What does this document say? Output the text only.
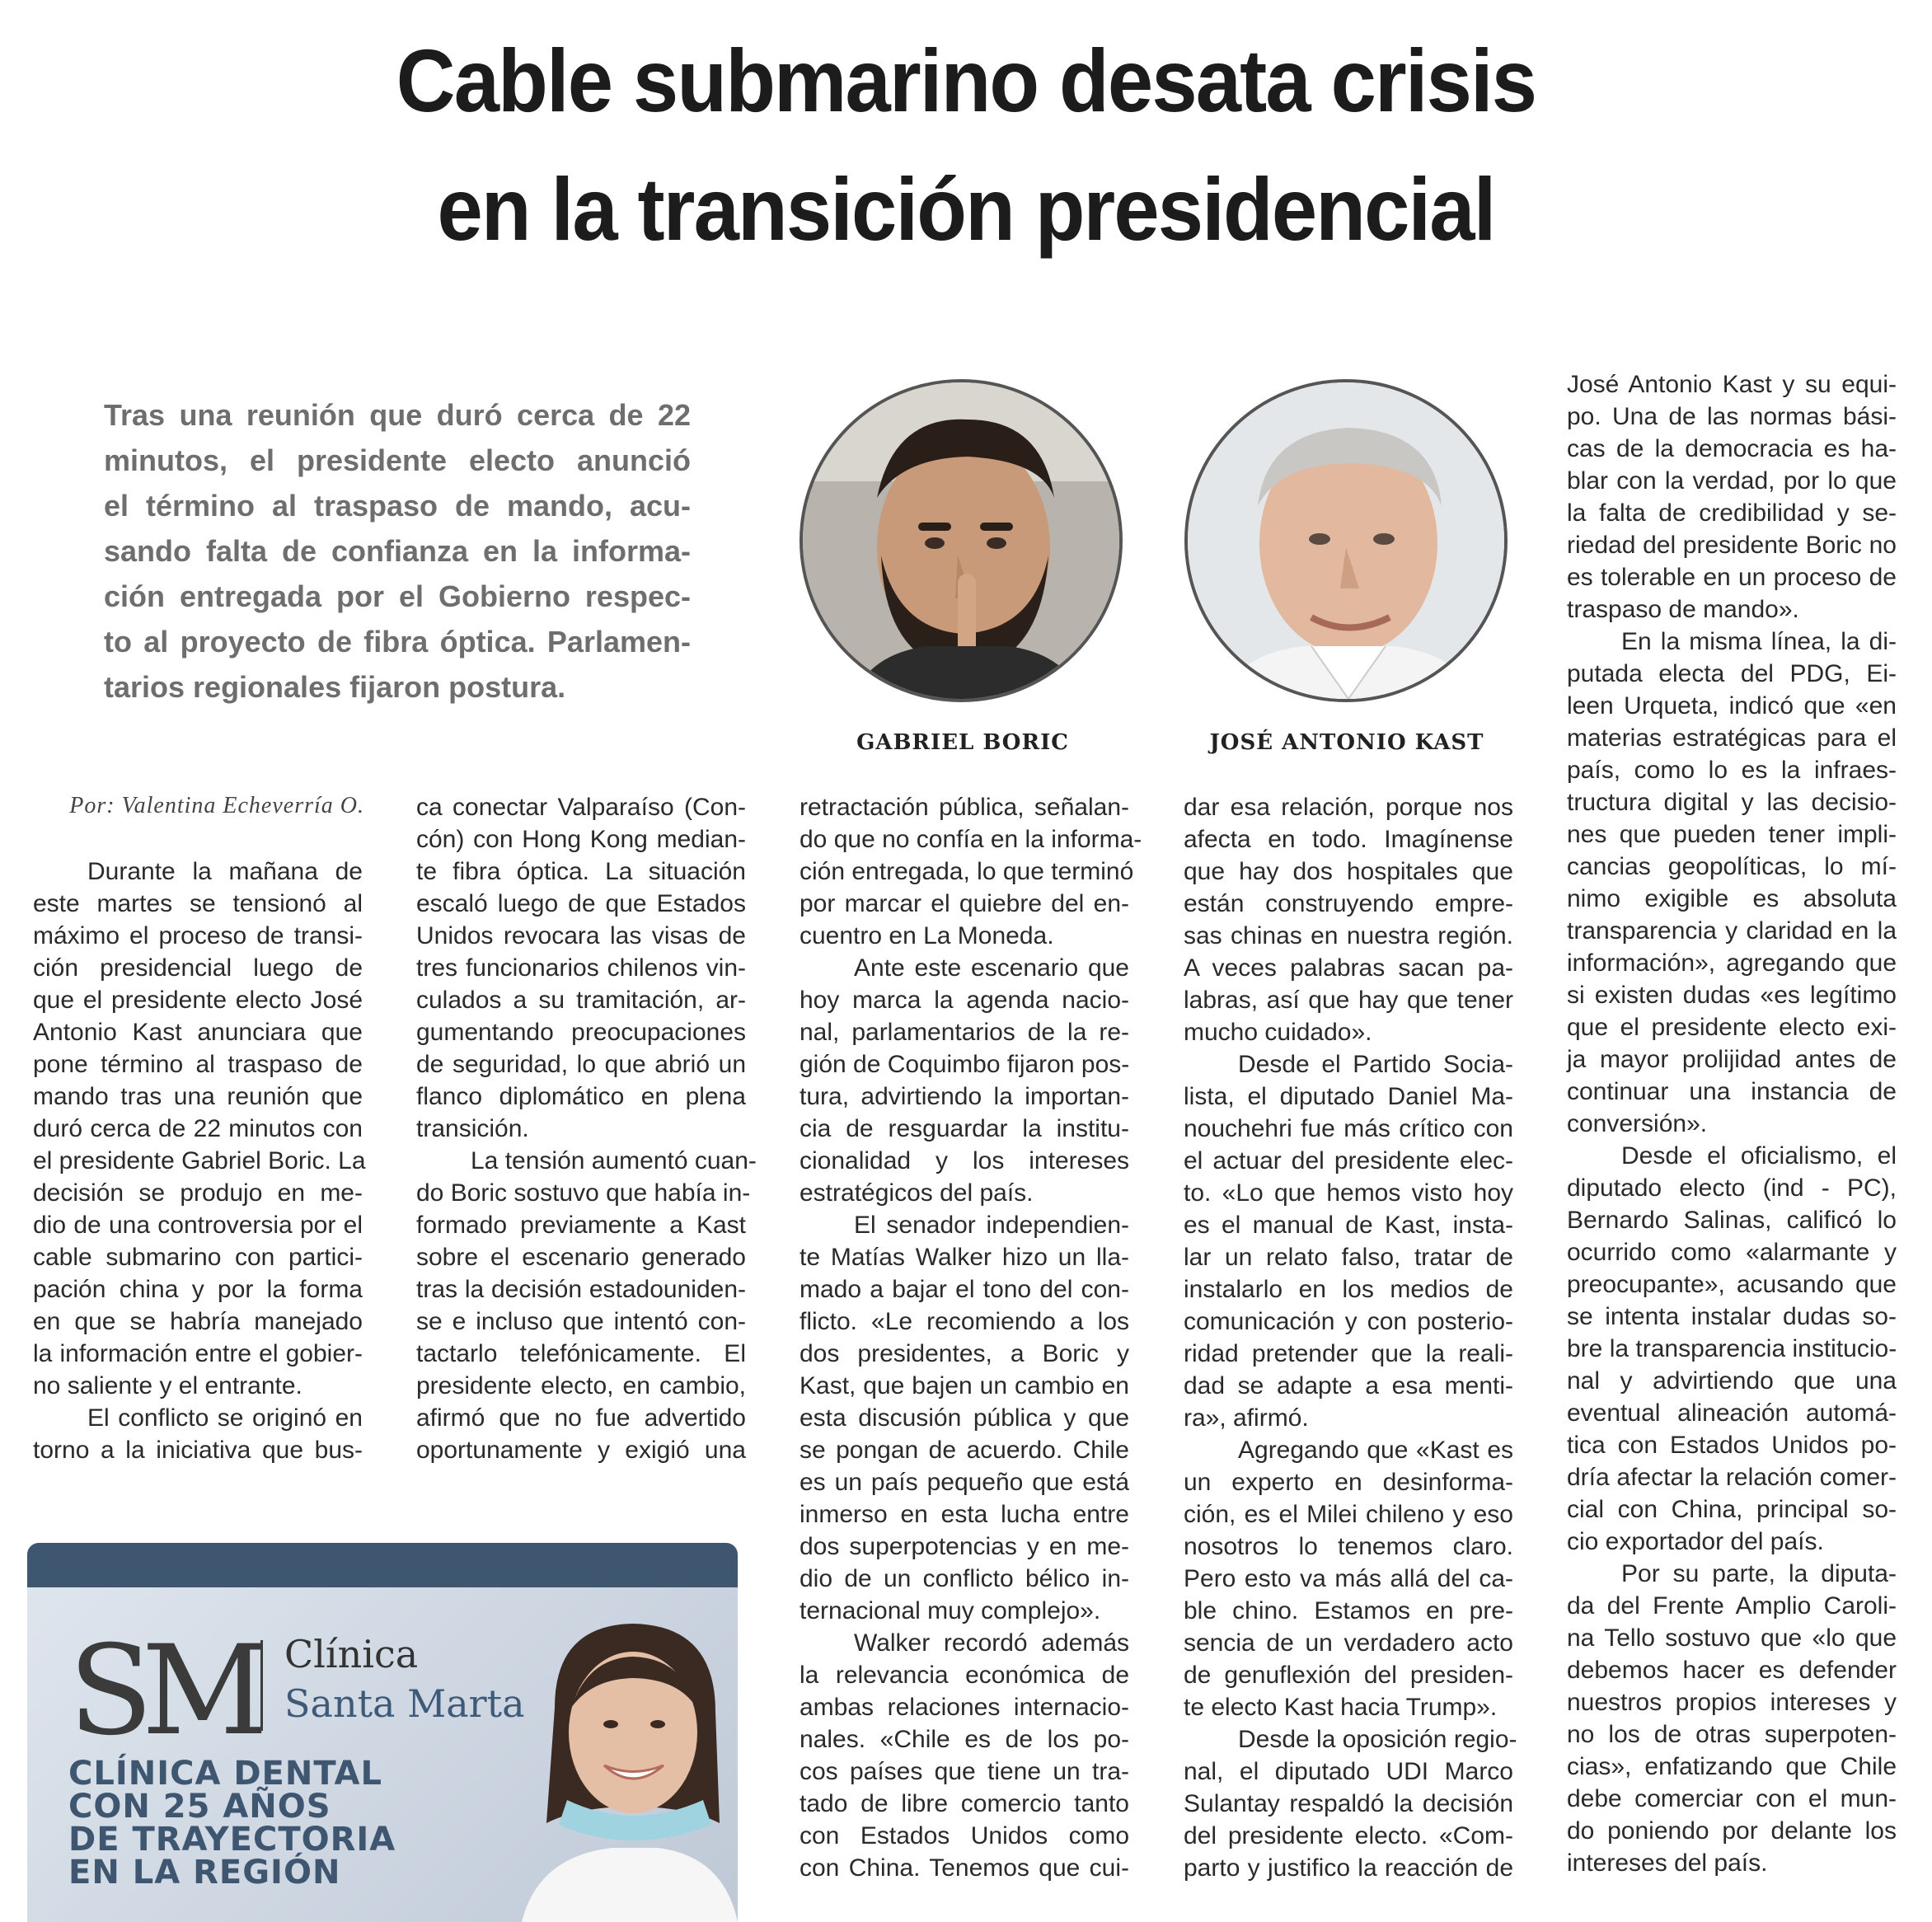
Cable submarino desata crisis
en la transición presidencial
Tras una reunión que duró cerca de 22
minutos, el presidente electo anunció
el término al traspaso de mando, acu-
sando falta de confianza en la informa-
ción entregada por el Gobierno respec-
to al proyecto de fibra óptica. Parlamen-
tarios regionales fijaron postura.
GABRIEL BORIC	JOSÉ ANTONIO KAST
Por: Valentina Echeverría O.
Durante la mañana de
este martes se tensionó al
máximo el proceso de transi-
ción presidencial luego de
que el presidente electo José
Antonio Kast anunciara que
pone término al traspaso de
mando tras una reunión que
duró cerca de 22 minutos con
el presidente Gabriel Boric. La
decisión se produjo en me-
dio de una controversia por el
cable submarino con partici-
pación china y por la forma
en que se habría manejado
la información entre el gobier-
no saliente y el entrante.
El conflicto se originó en
torno a la iniciativa que bus-
ca conectar Valparaíso (Con-
cón) con Hong Kong median-
te fibra óptica. La situación
escaló luego de que Estados
Unidos revocara las visas de
tres funcionarios chilenos vin-
culados a su tramitación, ar-
gumentando preocupaciones
de seguridad, lo que abrió un
flanco diplomático en plena
transición.
La tensión aumentó cuan-
do Boric sostuvo que había in-
formado previamente a Kast
sobre el escenario generado
tras la decisión estadouniden-
se e incluso que intentó con-
tactarlo telefónicamente. El
presidente electo, en cambio,
afirmó que no fue advertido
oportunamente y exigió una
retractación pública, señalan-
do que no confía en la informa-
ción entregada, lo que terminó
por marcar el quiebre del en-
cuentro en La Moneda.
Ante este escenario que
hoy marca la agenda nacio-
nal, parlamentarios de la re-
gión de Coquimbo fijaron pos-
tura, advirtiendo la importan-
cia de resguardar la institu-
cionalidad y los intereses
estratégicos del país.
El senador independien-
te Matías Walker hizo un lla-
mado a bajar el tono del con-
flicto. «Le recomiendo a los
dos presidentes, a Boric y
Kast, que bajen un cambio en
esta discusión pública y que
se pongan de acuerdo. Chile
es un país pequeño que está
inmerso en esta lucha entre
dos superpotencias y en me-
dio de un conflicto bélico in-
ternacional muy complejo».
Walker recordó además
la relevancia económica de
ambas relaciones internacio-
nales. «Chile es de los po-
cos países que tiene un tra-
tado de libre comercio tanto
con Estados Unidos como
con China. Tenemos que cui-
dar esa relación, porque nos
afecta en todo. Imagínense
que hay dos hospitales que
están construyendo empre-
sas chinas en nuestra región.
A veces palabras sacan pa-
labras, así que hay que tener
mucho cuidado».
Desde el Partido Socia-
lista, el diputado Daniel Ma-
nouchehri fue más crítico con
el actuar del presidente elec-
to. «Lo que hemos visto hoy
es el manual de Kast, insta-
lar un relato falso, tratar de
instalarlo en los medios de
comunicación y con posterio-
ridad pretender que la reali-
dad se adapte a esa menti-
ra», afirmó.
Agregando que «Kast es
un experto en desinforma-
ción, es el Milei chileno y eso
nosotros lo tenemos claro.
Pero esto va más allá del ca-
ble chino. Estamos en pre-
sencia de un verdadero acto
de genuflexión del presiden-
te electo Kast hacia Trump».
Desde la oposición regio-
nal, el diputado UDI Marco
Sulantay respaldó la decisión
del presidente electo. «Com-
parto y justifico la reacción de
José Antonio Kast y su equi-
po. Una de las normas bási-
cas de la democracia es ha-
blar con la verdad, por lo que
la falta de credibilidad y se-
riedad del presidente Boric no
es tolerable en un proceso de
traspaso de mando».
En la misma línea, la di-
putada electa del PDG, Ei-
leen Urqueta, indicó que «en
materias estratégicas para el
país, como lo es la infraes-
tructura digital y las decisio-
nes que pueden tener impli-
cancias geopolíticas, lo mí-
nimo exigible es absoluta
transparencia y claridad en la
información», agregando que
si existen dudas «es legítimo
que el presidente electo exi-
ja mayor prolijidad antes de
continuar una instancia de
conversión».
Desde el oficialismo, el
diputado electo (ind - PC),
Bernardo Salinas, calificó lo
ocurrido como «alarmante y
preocupante», acusando que
se intenta instalar dudas so-
bre la transparencia institucio-
nal y advirtiendo que una
eventual alineación automá-
tica con Estados Unidos po-
dría afectar la relación comer-
cial con China, principal so-
cio exportador del país.
Por su parte, la diputa-
da del Frente Amplio Caroli-
na Tello sostuvo que «lo que
debemos hacer es defender
nuestros propios intereses y
no los de otras superpoten-
cias», enfatizando que Chile
debe comerciar con el mun-
do poniendo por delante los
intereses del país.
SM Clínica
Santa Marta
CLÍNICA DENTAL
CON 25 AÑOS
DE TRAYECTORIA
EN LA REGIÓN
